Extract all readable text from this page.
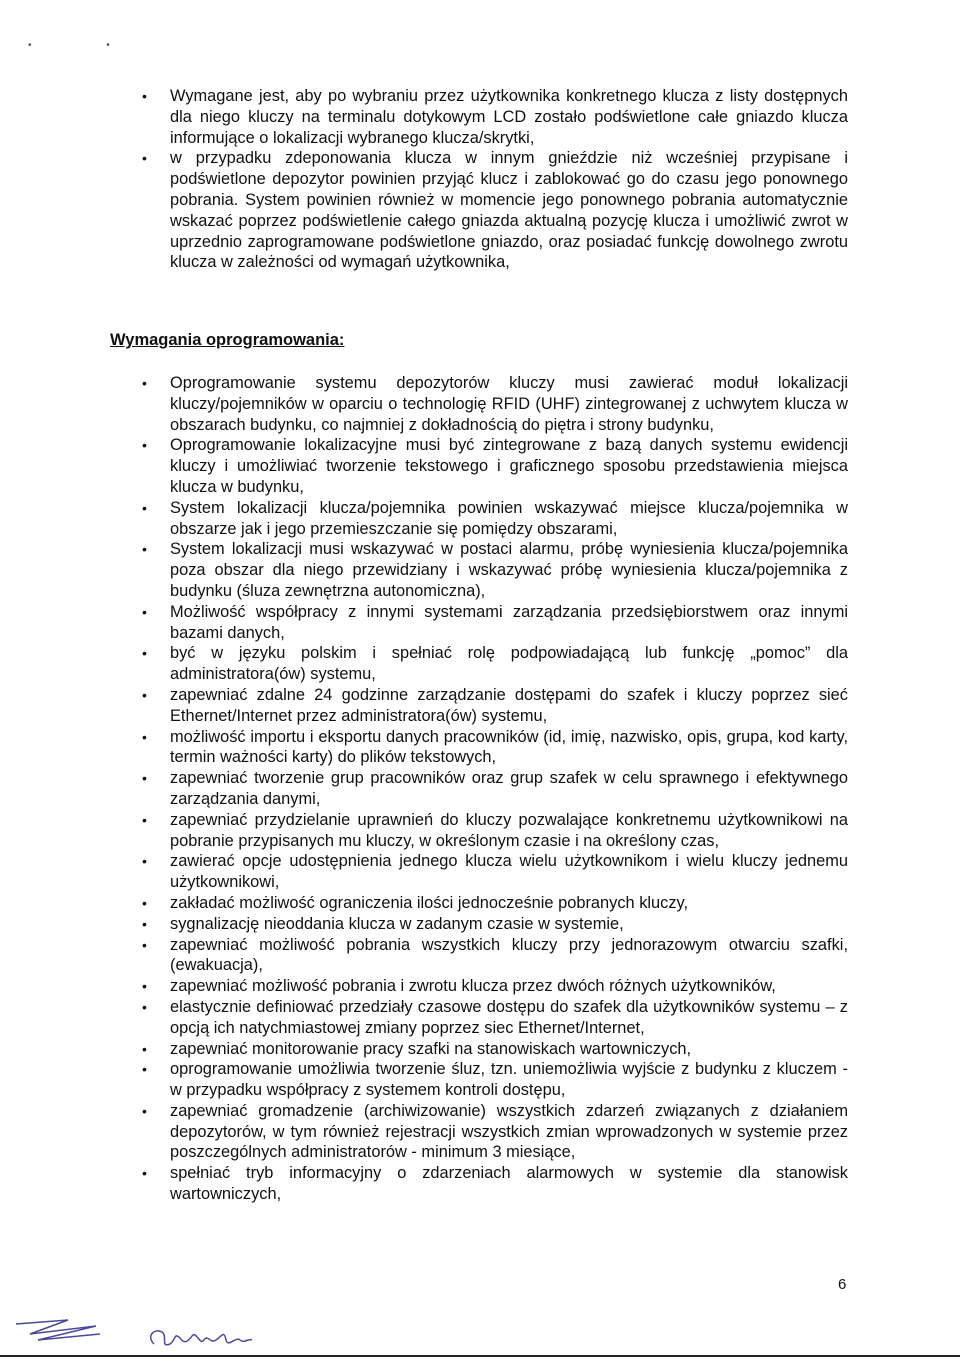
• •
• Wymagane jest, aby po wybraniu przez użytkownika konkretnego klucza z listy dostępnych dla niego kluczy na terminalu dotykowym LCD zostało podświetlone całe gniazdo klucza informujące o lokalizacji wybranego klucza/skrytki,
• w przypadku zdeponowania klucza w innym gnieździe niż wcześniej przypisane i podświetlone depozytor powinien przyjąć klucz i zablokować go do czasu jego ponownego pobrania. System powinien również w momencie jego ponownego pobrania automatycznie wskazać poprzez podświetlenie całego gniazda aktualną pozycję klucza i umożliwić zwrot w uprzednio zaprogramowane podświetlone gniazdo, oraz posiadać funkcję dowolnego zwrotu klucza w zależności od wymagań użytkownika,
Wymagania oprogramowania:
• Oprogramowanie systemu depozytorów kluczy musi zawierać moduł lokalizacji kluczy/pojemników w oparciu o technologię RFID (UHF) zintegrowanej z uchwytem klucza w obszarach budynku, co najmniej z dokładnością do piętra i strony budynku,
• Oprogramowanie lokalizacyjne musi być zintegrowane z bazą danych systemu ewidencji kluczy i umożliwiać tworzenie tekstowego i graficznego sposobu przedstawienia miejsca klucza w budynku,
• System lokalizacji klucza/pojemnika powinien wskazywać miejsce klucza/pojemnika w obszarze jak i jego przemieszczanie się pomiędzy obszarami,
• System lokalizacji musi wskazywać w postaci alarmu, próbę wyniesienia klucza/pojemnika poza obszar dla niego przewidziany i wskazywać próbę wyniesienia klucza/pojemnika z budynku (śluza zewnętrzna autonomiczna),
• Możliwość współpracy z innymi systemami zarządzania przedsiębiorstwem oraz innymi bazami danych,
• być w języku polskim i spełniać rolę podpowiadającą lub funkcję „pomoc” dla administratora(ów) systemu,
• zapewniać zdalne 24 godzinne zarządzanie dostępami do szafek i kluczy poprzez sieć Ethernet/Internet przez administratora(ów) systemu,
• możliwość importu i eksportu danych pracowników (id, imię, nazwisko, opis, grupa, kod karty, termin ważności karty) do plików tekstowych,
• zapewniać tworzenie grup pracowników oraz grup szafek w celu sprawnego i efektywnego zarządzania danymi,
• zapewniać przydzielanie uprawnień do kluczy pozwalające konkretnemu użytkownikowi na pobranie przypisanych mu kluczy, w określonym czasie i na określony czas,
• zawierać opcje udostępnienia jednego klucza wielu użytkownikom i wielu kluczy jednemu użytkownikowi,
• zakładać możliwość ograniczenia ilości jednocześnie pobranych kluczy,
• sygnalizację nieoddania klucza w zadanym czasie w systemie,
• zapewniać możliwość pobrania wszystkich kluczy przy jednorazowym otwarciu szafki,(ewakuacja),
• zapewniać możliwość pobrania i zwrotu klucza przez dwóch różnych użytkowników,
• elastycznie definiować przedziały czasowe dostępu do szafek dla użytkowników systemu – z opcją ich natychmiastowej zmiany poprzez siec Ethernet/Internet,
• zapewniać monitorowanie pracy szafki na stanowiskach wartowniczych,
• oprogramowanie umożliwia tworzenie śluz, tzn. uniemożliwia wyjście z budynku z kluczem - w przypadku współpracy z systemem kontroli dostępu,
• zapewniać gromadzenie (archiwizowanie) wszystkich zdarzeń związanych z działaniem depozytorów, w tym również rejestracji wszystkich zmian wprowadzonych w systemie przez poszczególnych administratorów - minimum 3 miesiące,
• spełniać tryb informacyjny o zdarzeniach alarmowych w systemie dla stanowisk wartowniczych,
6
